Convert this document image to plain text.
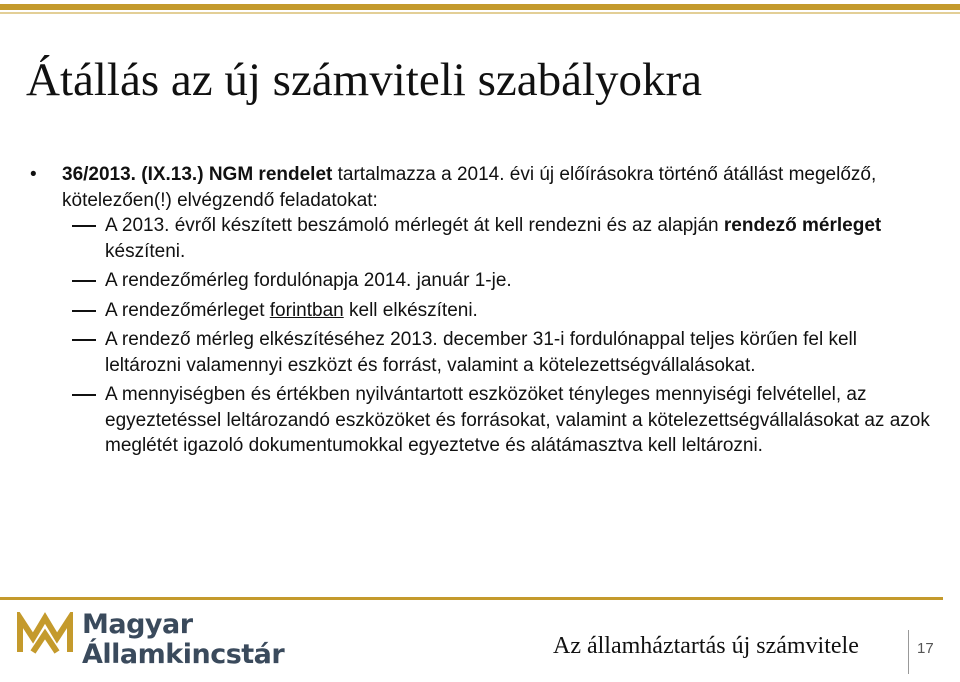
Átállás az új számviteli szabályokra
• 36/2013. (IX.13.) NGM rendelet tartalmazza a 2014. évi új előírásokra történő átállást megelőző, kötelezően(!) elvégzendő feladatokat:
A 2013. évről készített beszámoló mérlegét át kell rendezni és az alapján rendező mérleget készíteni.
A rendezőmérleg fordulónapja 2014. január 1-je.
A rendezőmérleget forintban kell elkészíteni.
A rendező mérleg elkészítéséhez 2013. december 31-i fordulónappal teljes körűen fel kell leltározni valamennyi eszközt és forrást, valamint a kötelezettségvállalásokat.
A mennyiségben és értékben nyilvántartott eszközöket tényleges mennyiségi felvétellel, az egyeztetéssel leltározandó eszközöket és forrásokat, valamint a kötelezettségvállalásokat az azok meglétét igazoló dokumentumokkal egyeztetve és alátámasztva kell leltározni.
Magyar
Államkincstár	Az államháztartás új számvitele	17
